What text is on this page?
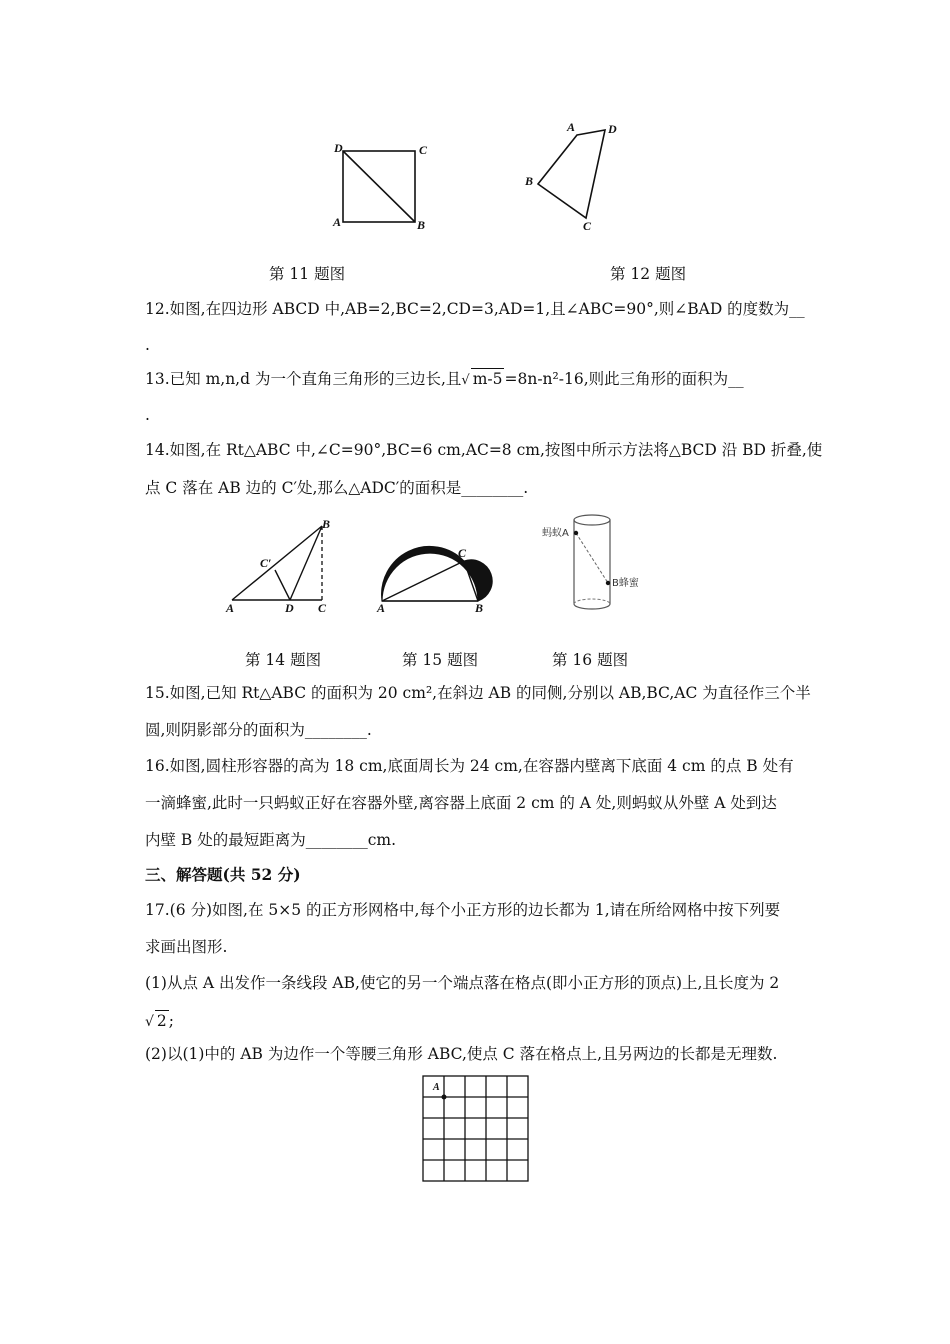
D	C
A	B
A	D
B
C
第 11 题图	第 12 题图
12.如图,在四边形 ABCD 中,AB=2,BC=2,CD=3,AD=1,且∠ABC=90°,则∠BAD 的度数为__
.
13.已知 m,n,d 为一个直角三角形的三边长,且√ m-5 =8n-n²-16,则此三角形的面积为__
.
14.如图,在 Rt△ABC 中,∠C=90°,BC=6 cm,AC=8 cm,按图中所示方法将△BCD 沿 BD 折叠,使
点 C 落在 AB 边的 C′处,那么△ADC′的面积是________.
B
C′
A	D C
C
A	B
蚂蚁A
B蜂蜜
第 14 题图	第 15 题图	第 16 题图
15.如图,已知 Rt△ABC 的面积为 20 cm²,在斜边 AB 的同侧,分别以 AB,BC,AC 为直径作三个半
圆,则阴影部分的面积为________.
16.如图,圆柱形容器的高为 18 cm,底面周长为 24 cm,在容器内壁离下底面 4 cm 的点 B 处有
一滴蜂蜜,此时一只蚂蚁正好在容器外壁,离容器上底面 2 cm 的 A 处,则蚂蚁从外壁 A 处到达
内壁 B 处的最短距离为________cm.
三、解答题(共 52 分)
17.(6 分)如图,在 5×5 的正方形网格中,每个小正方形的边长都为 1,请在所给网格中按下列要
求画出图形.
(1)从点 A 出发作一条线段 AB,使它的另一个端点落在格点(即小正方形的顶点)上,且长度为 2
√ 2 ;
(2)以(1)中的 AB 为边作一个等腰三角形 ABC,使点 C 落在格点上,且另两边的长都是无理数.
A
